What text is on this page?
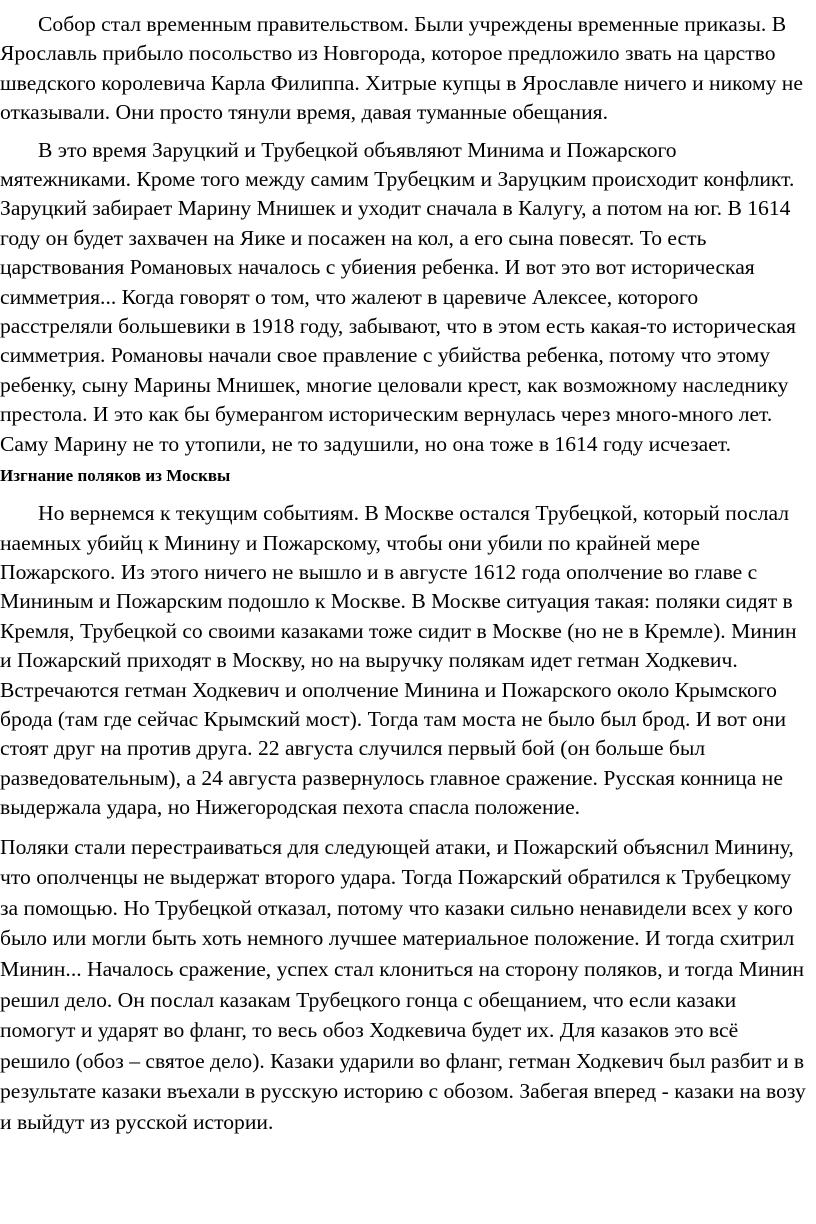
Собор стал временным правительством. Были учреждены временные приказы. В Ярославль прибыло посольство из Новгорода, которое предложило звать на царство шведского королевича Карла Филиппа. Хитрые купцы в Ярославле ничего и никому не отказывали. Они просто тянули время, давая туманные обещания.

В это время Заруцкий и Трубецкой объявляют Минима и Пожарского мятежниками. Кроме того между самим Трубецким и Заруцким происходит конфликт. Заруцкий забирает Марину Мнишек и уходит сначала в Калугу, а потом на юг. В 1614 году он будет захвачен на Яике и посажен на кол, а его сына повесят. То есть царствования Романовых началось с убиения ребенка. И вот это вот историческая симметрия... Когда говорят о том, что жалеют в царевиче Алексее, которого расстреляли большевики в 1918 году, забывают, что в этом есть какая-то историческая симметрия. Романовы начали свое правление с убийства ребенка, потому что этому ребенку, сыну Марины Мнишек, многие целовали крест, как возможному наследнику престола. И это как бы бумерангом историческим вернулась через много-много лет. Саму Марину не то утопили, не то задушили, но она тоже в 1614 году исчезает.

Изгнание поляков из Москвы

Но вернемся к текущим событиям. В Москве остался Трубецкой, который послал наемных убийц к Минину и Пожарскому, чтобы они убили по крайней мере Пожарского. Из этого ничего не вышло и в августе 1612 года ополчение во главе с Мининым и Пожарским подошло к Москве. В Москве ситуация такая: поляки сидят в Кремля, Трубецкой со своими казаками тоже сидит в Москве (но не в Кремле). Минин и Пожарский приходят в Москву, но на выручку полякам идет гетман Ходкевич. Встречаются гетман Ходкевич и ополчение Минина и Пожарского около Крымского брода (там где сейчас Крымский мост). Тогда там моста не было был брод. И вот они стоят друг на против друга. 22 августа случился первый бой (он больше был разведовательным), а 24 августа развернулось главное сражение. Русская конница не выдержала удара, но Нижегородская пехота спасла положение.

Поляки стали перестраиваться для следующей атаки, и Пожарский объяснил Минину, что ополченцы не выдержат второго удара. Тогда Пожарский обратился к Трубецкому за помощью. Но Трубецкой отказал, потому что казаки сильно ненавидели всех у кого было или могли быть хоть немного лучшее материальное положение. И тогда схитрил Минин... Началось сражение, успех стал клониться на сторону поляков, и тогда Минин решил дело. Он послал казакам Трубецкого гонца с обещанием, что если казаки помогут и ударят во фланг, то весь обоз Ходкевича будет их. Для казаков это всё решило (обоз – святое дело). Казаки ударили во фланг, гетман Ходкевич был разбит и в результате казаки въехали в русскую историю с обозом. Забегая вперед - казаки на возу и выйдут из русской истории.
